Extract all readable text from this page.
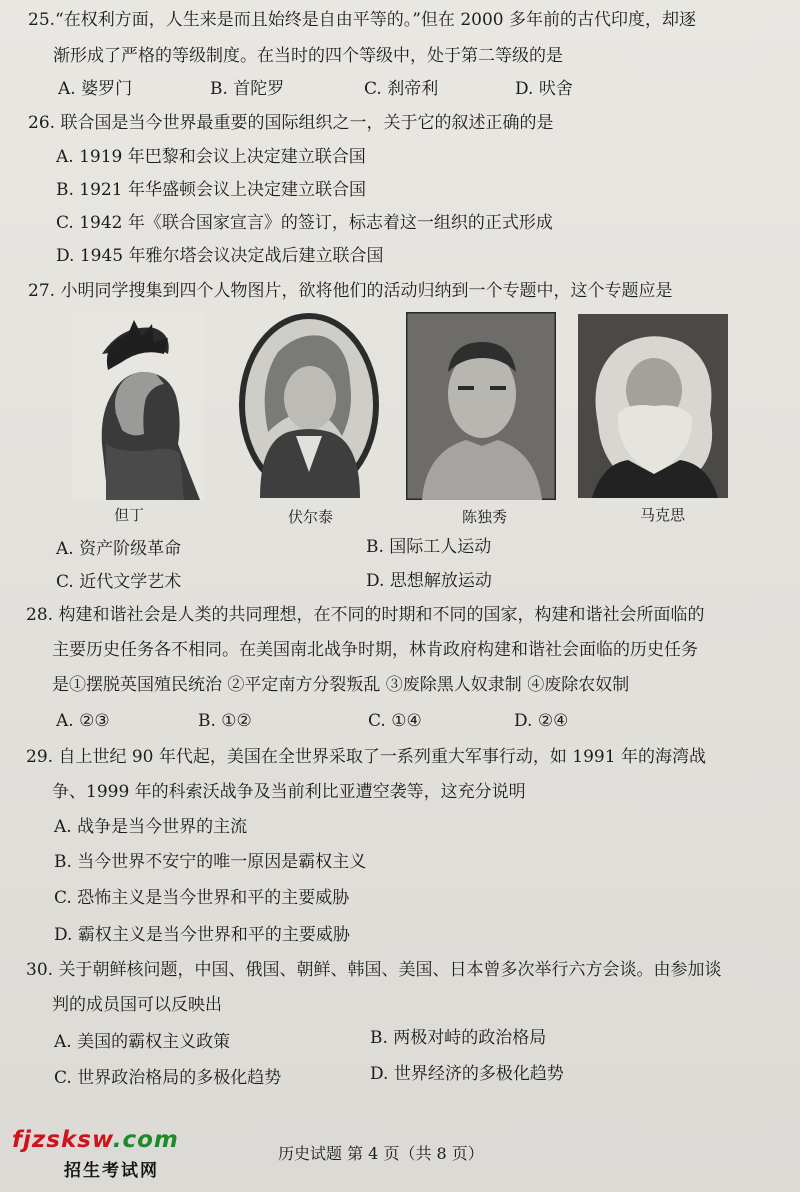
25.“在权利方面，人生来是而且始终是自由平等的。”但在 2000 多年前的古代印度，却逐
渐形成了严格的等级制度。在当时的四个等级中，处于第二等级的是
A. 婆罗门	B. 首陀罗	C. 刹帝利	D. 吠舍
26. 联合国是当今世界最重要的国际组织之一，关于它的叙述正确的是
A. 1919 年巴黎和会议上决定建立联合国
B. 1921 年华盛顿会议上决定建立联合国
C. 1942 年《联合国家宣言》的签订，标志着这一组织的正式形成
D. 1945 年雅尔塔会议决定战后建立联合国
27. 小明同学搜集到四个人物图片，欲将他们的活动归纳到一个专题中，这个专题应是
但丁	伏尔泰	陈独秀	马克思
A. 资产阶级革命	B. 国际工人运动
C. 近代文学艺术	D. 思想解放运动
28. 构建和谐社会是人类的共同理想，在不同的时期和不同的国家，构建和谐社会所面临的
主要历史任务各不相同。在美国南北战争时期，林肯政府构建和谐社会面临的历史任务
是①摆脱英国殖民统治 ②平定南方分裂叛乱 ③废除黑人奴隶制 ④废除农奴制
A. ②③	B. ①②	C. ①④	D. ②④
29. 自上世纪 90 年代起，美国在全世界采取了一系列重大军事行动，如 1991 年的海湾战
争、1999 年的科索沃战争及当前利比亚遭空袭等，这充分说明
A. 战争是当今世界的主流
B. 当今世界不安宁的唯一原因是霸权主义
C. 恐怖主义是当今世界和平的主要威胁
D. 霸权主义是当今世界和平的主要威胁
30. 关于朝鲜核问题，中国、俄国、朝鲜、韩国、美国、日本曾多次举行六方会谈。由参加谈
判的成员国可以反映出
A. 美国的霸权主义政策	B. 两极对峙的政治格局
C. 世界政治格局的多极化趋势	D. 世界经济的多极化趋势
历史试题 第 4 页（共 8 页）
fjzsksw.com
招生考试网
